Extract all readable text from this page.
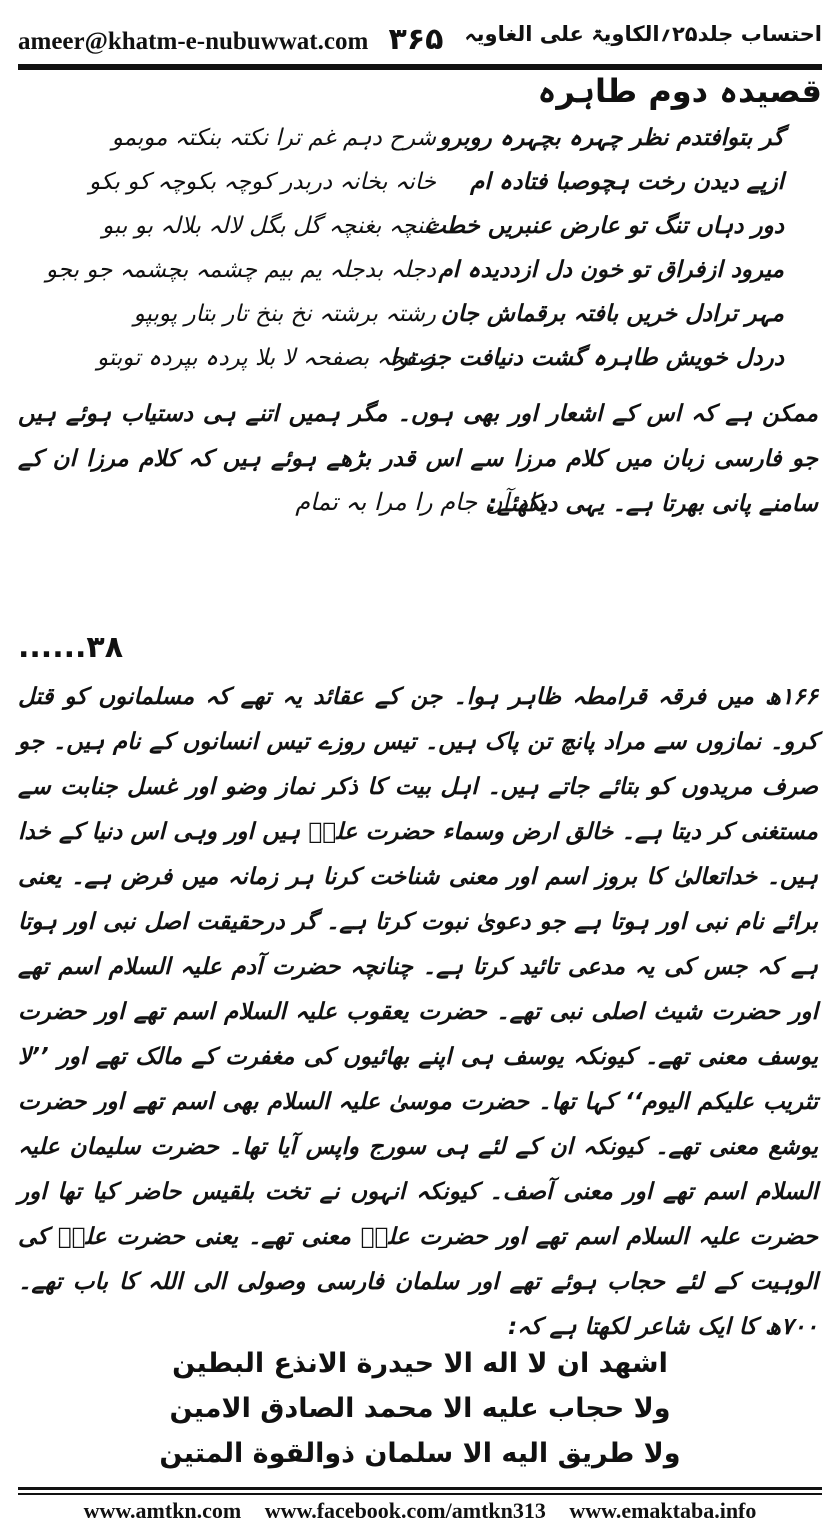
ameer@khatm-e-nubuwwat.com ۳۶۵ احتساب جلد۲۵؍الکاویۃ علی الغاویہ
قصیدہ دوم طاہرہ
گر بتوافتدم نظر چہرہ بچہرہ روبرو
شرح دہم غم ترا نکتہ بنکتہ موبمو
ازپے دیدن رخت ہچوصبا فتادہ ام
خانہ بخانہ دربدر کوچہ بکوچہ کو بکو
دور دہاں تنگ تو عارض عنبریں خطت
غنچہ بغنچہ گل بگل لالہ بلالہ بو ببو
میرود ازفراق تو خون دل ازددیدہ ام
دجلہ بدجلہ یم بیم چشمہ بچشمہ جو بجو
مہر ترادل خریں بافتہ برقماش جان
رشتہ برشتہ نخ بنخ تار بتار پوبپو
دردل خویش طاہرہ گشت دنیافت جز ترا
صفحہ بصفحہ لا بلا پردہ بپردہ توبتو
ممکن ہے کہ اس کے اشعار اور بھی ہوں۔ مگر ہمیں اتنے ہی دستیاب ہوئے ہیں جو فارسی زبان میں کلام مرزا سے اس قدر بڑھے ہوئے ہیں کہ کلام مرزا ان کے سامنے پانی بھرتا ہے۔ یہی دیکھئے:
داد آں جام را مرا بہ تمام
......۳۸
۱۶۶ھ میں فرقہ قرامطہ ظاہر ہوا۔ جن کے عقائد یہ تھے کہ مسلمانوں کو قتل کرو۔ نمازوں سے مراد پانچ تن پاک ہیں۔ تیس روزے تیس انسانوں کے نام ہیں۔ جو صرف مریدوں کو بتائے جاتے ہیں۔ اہل بیت کا ذکر نماز وضو اور غسل جنابت سے مستغنی کر دیتا ہے۔ خالق ارض وسماء حضرت علیؓ ہیں اور وہی اس دنیا کے خدا ہیں۔ خداتعالیٰ کا بروز اسم اور معنی شناخت کرنا ہر زمانہ میں فرض ہے۔ یعنی برائے نام نبی اور ہوتا ہے جو دعویٰ نبوت کرتا ہے۔ گر درحقیقت اصل نبی اور ہوتا ہے کہ جس کی یہ مدعی تائید کرتا ہے۔ چنانچہ حضرت آدم علیہ السلام اسم تھے اور حضرت شیث اصلی نبی تھے۔ حضرت یعقوب علیہ السلام اسم تھے اور حضرت یوسف معنی تھے۔ کیونکہ یوسف ہی اپنے بھائیوں کی مغفرت کے مالک تھے اور ’’لا تثریب علیکم الیوم‘‘ کہا تھا۔ حضرت موسیٰ علیہ السلام بھی اسم تھے اور حضرت یوشع معنی تھے۔ کیونکہ ان کے لئے ہی سورج واپس آیا تھا۔ حضرت سلیمان علیہ السلام اسم تھے اور معنی آصف۔ کیونکہ انہوں نے تخت بلقیس حاضر کیا تھا اور حضرت علیہ السلام اسم تھے اور حضرت علیؓ معنی تھے۔ یعنی حضرت علیؓ کی الوہیت کے لئے حجاب ہوئے تھے اور سلمان فارسی وصولی الی اللہ کا باب تھے۔ ۷۰۰ھ کا ایک شاعر لکھتا ہے کہ:
اشهد ان لا اله الا حيدرة الانذع البطين
ولا حجاب عليه الا محمد الصادق الامين
ولا طريق اليه الا سلمان ذوالقوة المتين
www.amtkn.com www.facebook.com/amtkn313 www.emaktaba.info
